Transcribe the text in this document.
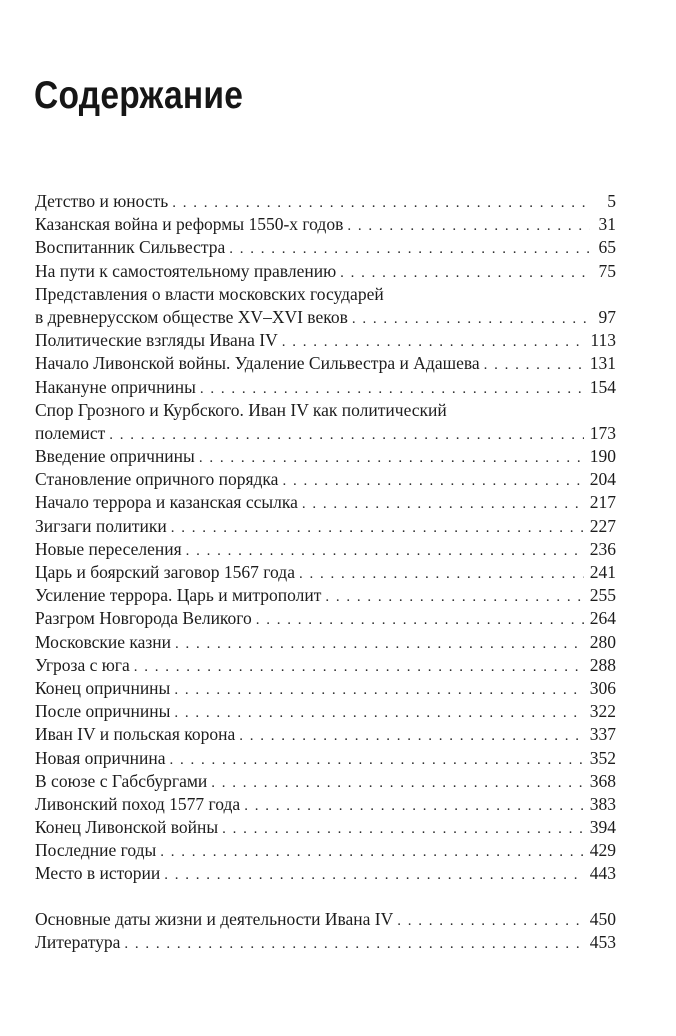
Содержание
Детство и юность . . .	5
Казанская война и реформы 1550-х годов . . .	31
Воспитанник Сильвестра . . .	65
На пути к самостоятельному правлению . . .	75
Представления о власти московских государей
в древнерусском обществе XV–XVI веков . . .	97
Политические взгляды Ивана IV . . .	113
Начало Ливонской войны. Удаление Сильвестра и Адашева . . .	131
Накануне опричнины . . .	154
Спор Грозного и Курбского. Иван IV как политический
полемист . . .	173
Введение опричнины . . .	190
Становление опричного порядка . . .	204
Начало террора и казанская ссылка . . .	217
Зигзаги политики . . .	227
Новые переселения . . .	236
Царь и боярский заговор 1567 года . . .	241
Усиление террора. Царь и митрополит . . .	255
Разгром Новгорода Великого . . .	264
Московские казни . . .	280
Угроза с юга . . .	288
Конец опричнины . . .	306
После опричнины . . .	322
Иван IV и польская корона . . .	337
Новая опричнина . . .	352
В союзе с Габсбургами . . .	368
Ливонский поход 1577 года . . .	383
Конец Ливонской войны . . .	394
Последние годы . . .	429
Место в истории . . .	443
Основные даты жизни и деятельности Ивана IV . . .	450
Литература . . .	453
